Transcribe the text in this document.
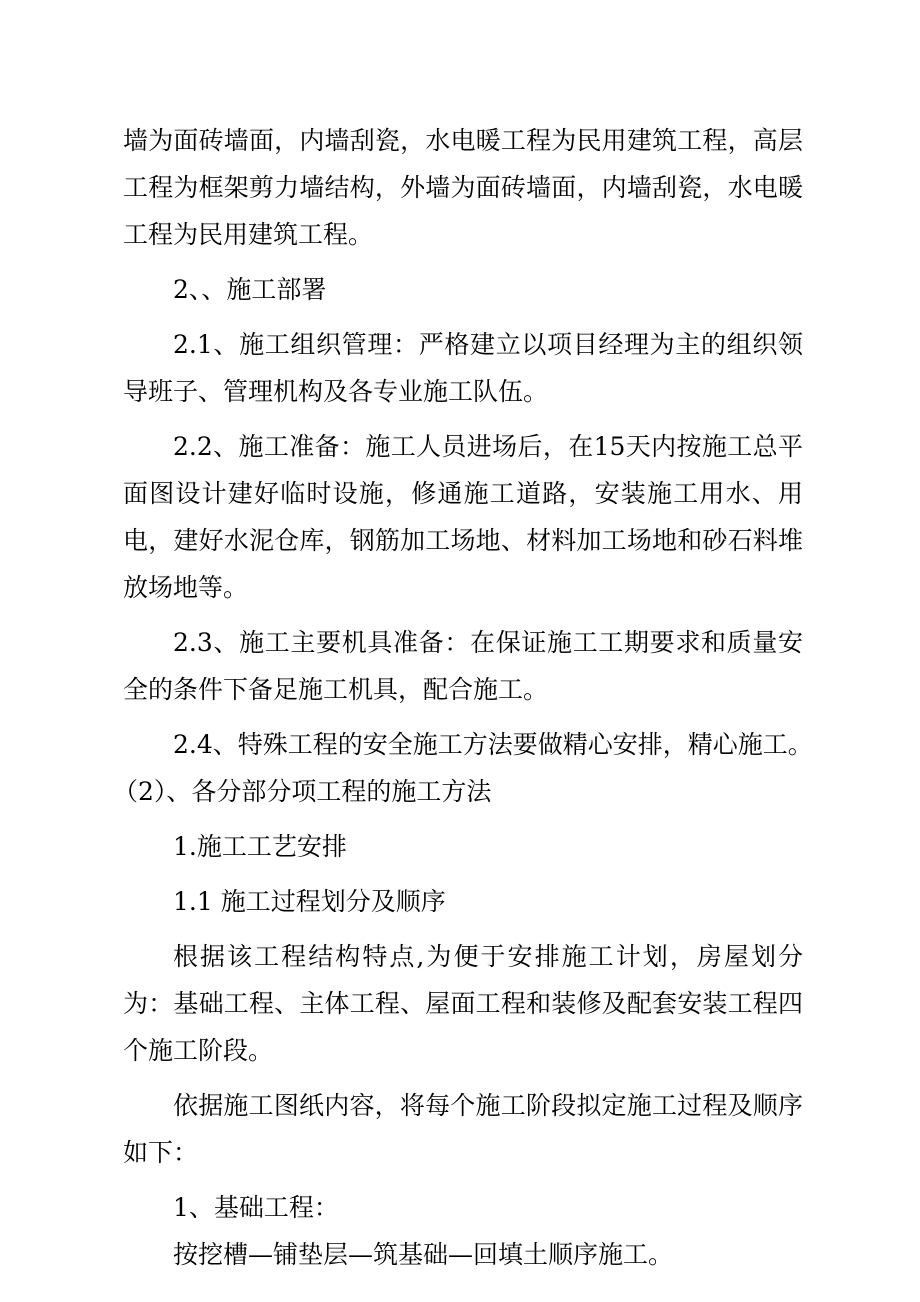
墙为面砖墙面，内墙刮瓷，水电暖工程为民用建筑工程，高层工程为框架剪力墙结构，外墙为面砖墙面，内墙刮瓷，水电暖工程为民用建筑工程。

2、、施工部署

2.1、施工组织管理：严格建立以项目经理为主的组织领导班子、管理机构及各专业施工队伍。

2.2、施工准备：施工人员进场后，在15天内按施工总平面图设计建好临时设施，修通施工道路，安装施工用水、用电，建好水泥仓库，钢筋加工场地、材料加工场地和砂石料堆放场地等。

2.3、施工主要机具准备：在保证施工工期要求和质量安全的条件下备足施工机具，配合施工。

2.4、特殊工程的安全施工方法要做精心安排，精心施工。

（2）、各分部分项工程的施工方法

1.施工工艺安排

1.1 施工过程划分及顺序

根据该工程结构特点,为便于安排施工计划，房屋划分为：基础工程、主体工程、屋面工程和装修及配套安装工程四个施工阶段。

依据施工图纸内容，将每个施工阶段拟定施工过程及顺序如下：

1、基础工程：

按挖槽—铺垫层—筑基础—回填土顺序施工。
